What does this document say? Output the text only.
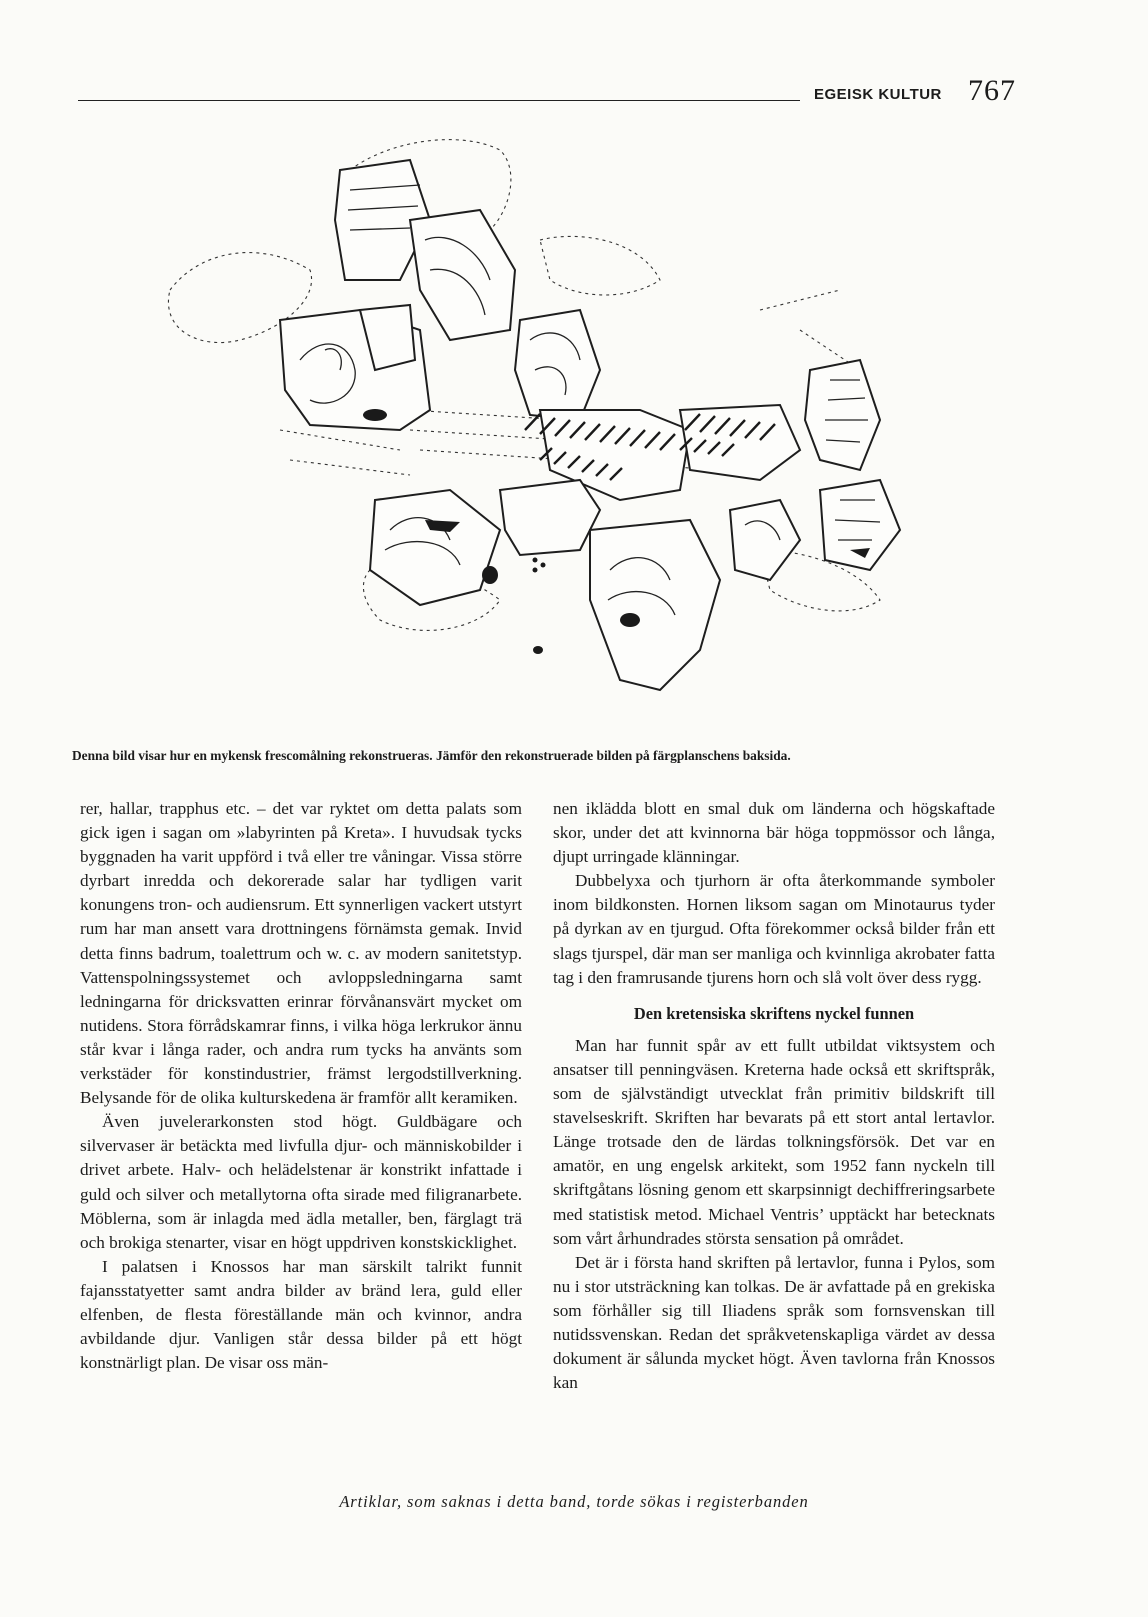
EGEISK KULTUR 767
Denna bild visar hur en mykensk frescomålning rekonstrueras. Jämför den rekonstruerade bilden på färgplanschens baksida.

rer, hallar, trapphus etc. – det var ryktet om detta palats som gick igen i sagan om »labyrinten på Kreta». I huvudsak tycks byggnaden ha varit uppförd i två eller tre våningar. Vissa större dyrbart inredda och dekorerade salar har tydligen varit konungens tron- och audiensrum. Ett synnerligen vackert utstyrt rum har man ansett vara drottningens förnämsta gemak. Invid detta finns badrum, toalettrum och w. c. av modern sanitetstyp. Vattenspolningssystemet och avloppsledningarna samt ledningarna för dricksvatten erinrar förvånansvärt mycket om nutidens. Stora förrådskamrar finns, i vilka höga lerkrukor ännu står kvar i långa rader, och andra rum tycks ha använts som verkstäder för konstindustrier, främst lergodstillverkning. Belysande för de olika kulturskedena är framför allt keramiken.

Även juvelerarkonsten stod högt. Guldbägare och silvervaser är betäckta med livfulla djur- och människobilder i drivet arbete. Halv- och helädelstenar är konstrikt infattade i guld och silver och metallytorna ofta sirade med filigranarbete. Möblerna, som är inlagda med ädla metaller, ben, färglagt trä och brokiga stenarter, visar en högt uppdriven konstskicklighet.

I palatsen i Knossos har man särskilt talrikt funnit fajansstatyetter samt andra bilder av bränd lera, guld eller elfenben, de flesta föreställande män och kvinnor, andra avbildande djur. Vanligen står dessa bilder på ett högt konstnärligt plan. De visar oss män-

nen iklädda blott en smal duk om länderna och högskaftade skor, under det att kvinnorna bär höga toppmössor och långa, djupt urringade klänningar.

Dubbelyxa och tjurhorn är ofta återkommande symboler inom bildkonsten. Hornen liksom sagan om Minotaurus tyder på dyrkan av en tjurgud. Ofta förekommer också bilder från ett slags tjurspel, där man ser manliga och kvinnliga akrobater fatta tag i den framrusande tjurens horn och slå volt över dess rygg.

Den kretensiska skriftens nyckel funnen

Man har funnit spår av ett fullt utbildat viktsystem och ansatser till penningväsen. Kreterna hade också ett skriftspråk, som de självständigt utvecklat från primitiv bildskrift till stavelseskrift. Skriften har bevarats på ett stort antal lertavlor. Länge trotsade den de lärdas tolkningsförsök. Det var en amatör, en ung engelsk arkitekt, som 1952 fann nyckeln till skriftgåtans lösning genom ett skarpsinnigt dechiffreringsarbete med statistisk metod. Michael Ventris’ upptäckt har betecknats som vårt århundrades största sensation på området.

Det är i första hand skriften på lertavlor, funna i Pylos, som nu i stor utsträckning kan tolkas. De är avfattade på en grekiska som förhåller sig till Iliadens språk som fornsvenskan till nutidssvenskan. Redan det språkvetenskapliga värdet av dessa dokument är sålunda mycket högt. Även tavlorna från Knossos kan

Artiklar, som saknas i detta band, torde sökas i registerbanden
